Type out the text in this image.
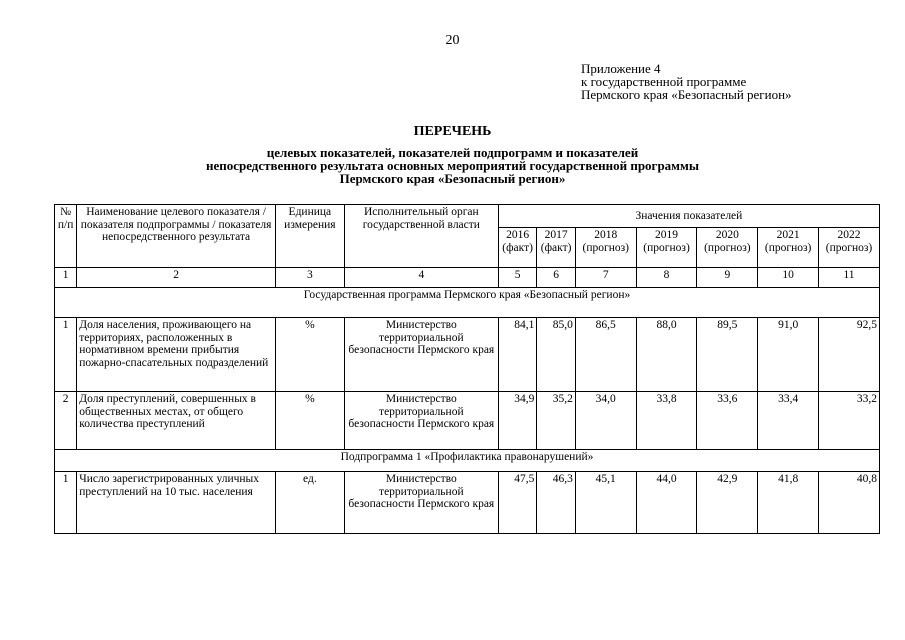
20
Приложение 4
к государственной программе
Пермского края «Безопасный регион»
ПЕРЕЧЕНЬ
целевых показателей, показателей подпрограмм и показателей
непосредственного результата основных мероприятий государственной программы
Пермского края «Безопасный регион»
№ п/п	Наименование целевого показателя / показателя подпрограммы / показателя непосредственного результата	Единица измерения	Исполнительный орган государственной власти	Значения показателей						
				2016 (факт)	2017 (факт)	2018 (прогноз)	2019 (прогноз)	2020 (прогноз)	2021 (прогноз)	2022 (прогноз)
1	2	3	4	5	6	7	8	9	10	11
Государственная программа Пермского края «Безопасный регион»										
1	Доля населения, проживающего на территориях, расположенных в нормативном времени прибытия пожарно-спасательных подразделений	%	Министерство территориальной безопасности Пермского края	84,1	85,0	86,5	88,0	89,5	91,0	92,5
2	Доля преступлений, совершенных в общественных местах, от общего количества преступлений	%	Министерство территориальной безопасности Пермского края	34,9	35,2	34,0	33,8	33,6	33,4	33,2
Подпрограмма 1 «Профилактика правонарушений»										
1	Число зарегистрированных уличных преступлений на 10 тыс. населения	ед.	Министерство территориальной безопасности Пермского края	47,5	46,3	45,1	44,0	42,9	41,8	40,8
